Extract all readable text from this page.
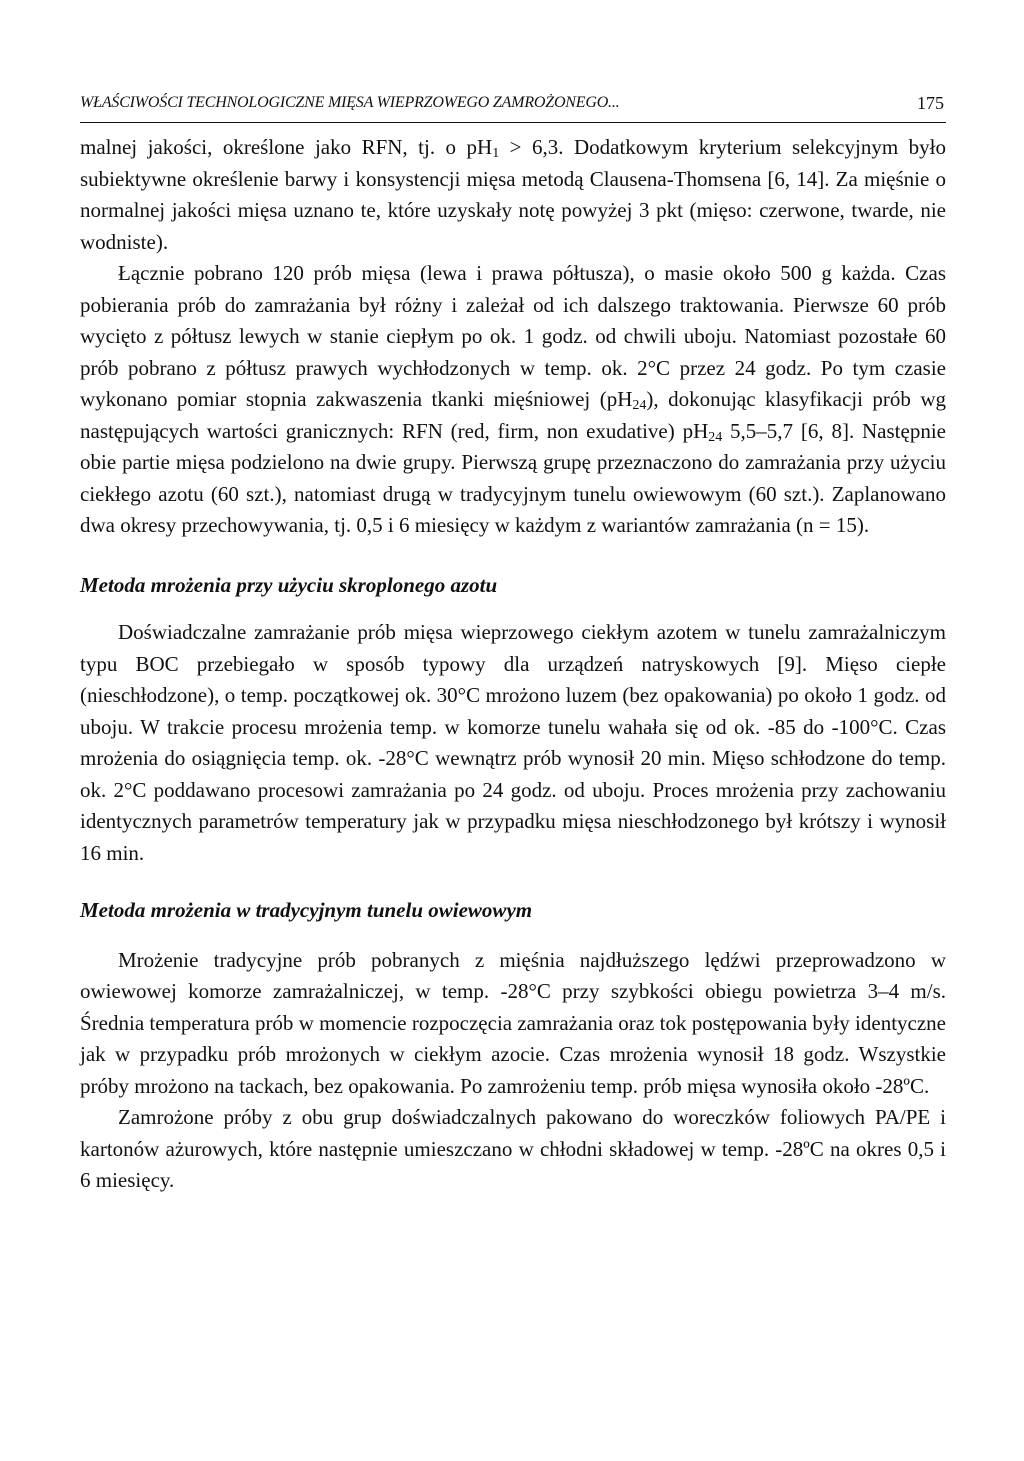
WŁAŚCIWOŚCI TECHNOLOGICZNE MIĘSA WIEPRZOWEGO ZAMROŻONEGO...	175

malnej jakości, określone jako RFN, tj. o $pH_1 > 6,3$. Dodatkowym kryterium selekcyjnym było subiektywne określenie barwy i konsystencji mięsa metodą Clausena-Thomsena [6, 14]. Za mięśnie o normalnej jakości mięsa uznano te, które uzyskały notę powyżej 3 pkt (mięso: czerwone, twarde, nie wodniste).

Łącznie pobrano 120 prób mięsa (lewa i prawa półtusza), o masie około 500 g każda. Czas pobierania prób do zamrażania był różny i zależał od ich dalszego traktowania. Pierwsze 60 prób wycięto z półtusz lewych w stanie ciepłym po ok. 1 godz. od chwili uboju. Natomiast pozostałe 60 prób pobrano z półtusz prawych wychłodzonych w temp. ok. 2°C przez 24 godz. Po tym czasie wykonano pomiar stopnia zakwaszenia tkanki mięśniowej $(pH_{24})$, dokonując klasyfikacji prób wg następujących wartości granicznych: RFN (red, firm, non exudative) $pH_{24}$ 5,5–5,7 [6, 8]. Następnie obie partie mięsa podzielono na dwie grupy. Pierwszą grupę przeznaczono do zamrażania przy użyciu ciekłego azotu (60 szt.), natomiast drugą w tradycyjnym tunelu owiewowym (60 szt.). Zaplanowano dwa okresy przechowywania, tj. 0,5 i 6 miesięcy w każdym z wariantów zamrażania (n = 15).

Metoda mrożenia przy użyciu skroplonego azotu

Doświadczalne zamrażanie prób mięsa wieprzowego ciekłym azotem w tunelu zamrażalniczym typu BOC przebiegało w sposób typowy dla urządzeń natryskowych [9]. Mięso ciepłe (nieschłodzone), o temp. początkowej ok. 30°C mrożono luzem (bez opakowania) po około 1 godz. od uboju. W trakcie procesu mrożenia temp. w komorze tunelu wahała się od ok. -85 do -100°C. Czas mrożenia do osiągnięcia temp. ok. -28°C wewnątrz prób wynosił 20 min. Mięso schłodzone do temp. ok. 2°C poddawano procesowi zamrażania po 24 godz. od uboju. Proces mrożenia przy zachowaniu identycznych parametrów temperatury jak w przypadku mięsa nieschłodzonego był krótszy i wynosił 16 min.

Metoda mrożenia w tradycyjnym tunelu owiewowym

Mrożenie tradycyjne prób pobranych z mięśnia najdłuższego lędźwi przeprowadzono w owiewowej komorze zamrażalniczej, w temp. -28°C przy szybkości obiegu powietrza 3–4 m/s. Średnia temperatura prób w momencie rozpoczęcia zamrażania oraz tok postępowania były identyczne jak w przypadku prób mrożonych w ciekłym azocie. Czas mrożenia wynosił 18 godz. Wszystkie próby mrożono na tackach, bez opakowania. Po zamrożeniu temp. prób mięsa wynosiła około -28ºC.

Zamrożone próby z obu grup doświadczalnych pakowano do woreczków foliowych PA/PE i kartonów ażurowych, które następnie umieszczano w chłodni składowej w temp. -28ºC na okres 0,5 i 6 miesięcy.
